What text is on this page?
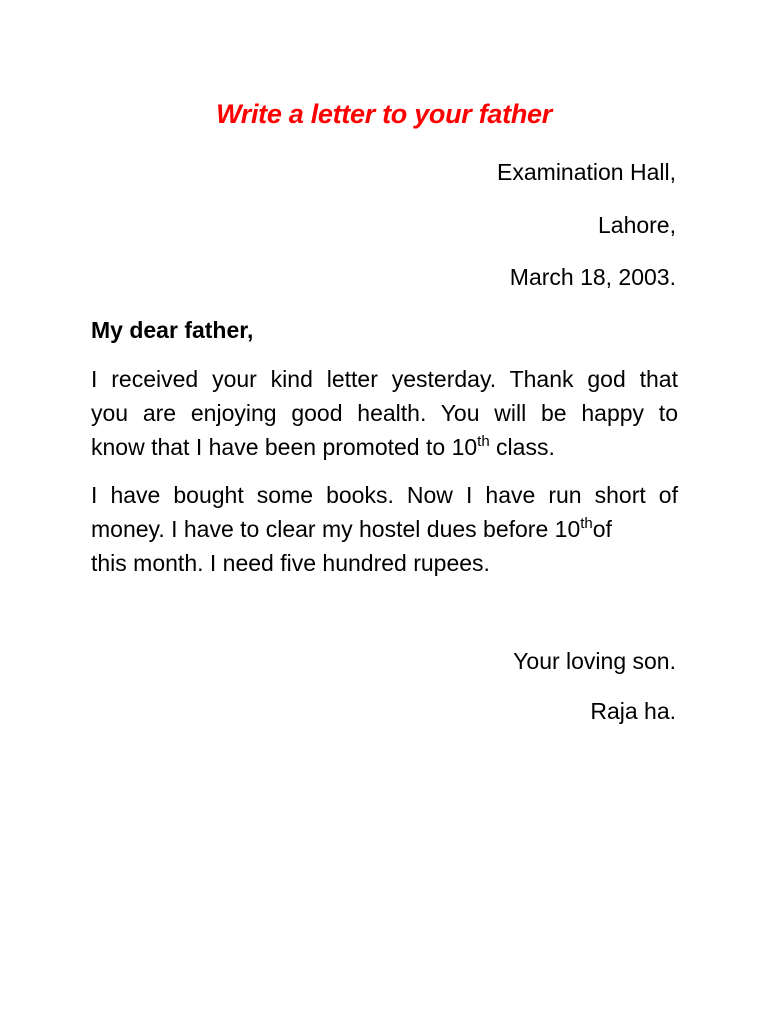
Write a letter to your father
Examination Hall,
Lahore,
March 18, 2003.
My dear father,
I received your kind letter yesterday. Thank god that
you are enjoying good health. You will be happy to
know that I have been promoted to 10th class.
I have bought some books. Now I have run short of
money. I have to clear my hostel dues before 10thof
this month. I need five hundred rupees.
Your loving son.
Raja ha.
